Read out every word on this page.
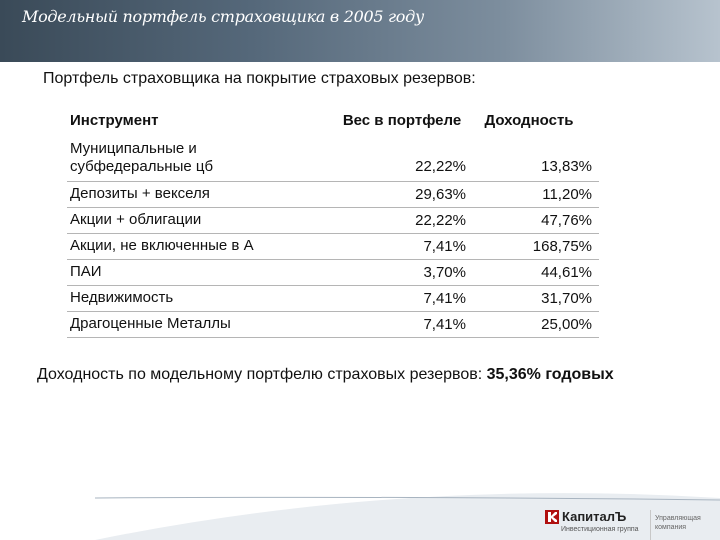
Модельный портфель страховщика в 2005 году
Портфель страховщика на покрытие страховых резервов:
Инструмент	Вес в портфеле	Доходность
Муниципальные и
субфедеральные цб	22,22%	13,83%
Депозиты + векселя	29,63%	11,20%
Акции + облигации	22,22%	47,76%
Акции, не включенные в А	7,41%	168,75%
ПАИ	3,70%	44,61%
Недвижимость	7,41%	31,70%
Драгоценные Металлы	7,41%	25,00%
Доходность по модельному портфелю страховых резервов: 35,36% годовых
КапиталЪ
Инвестиционная группа
Управляющая компания
